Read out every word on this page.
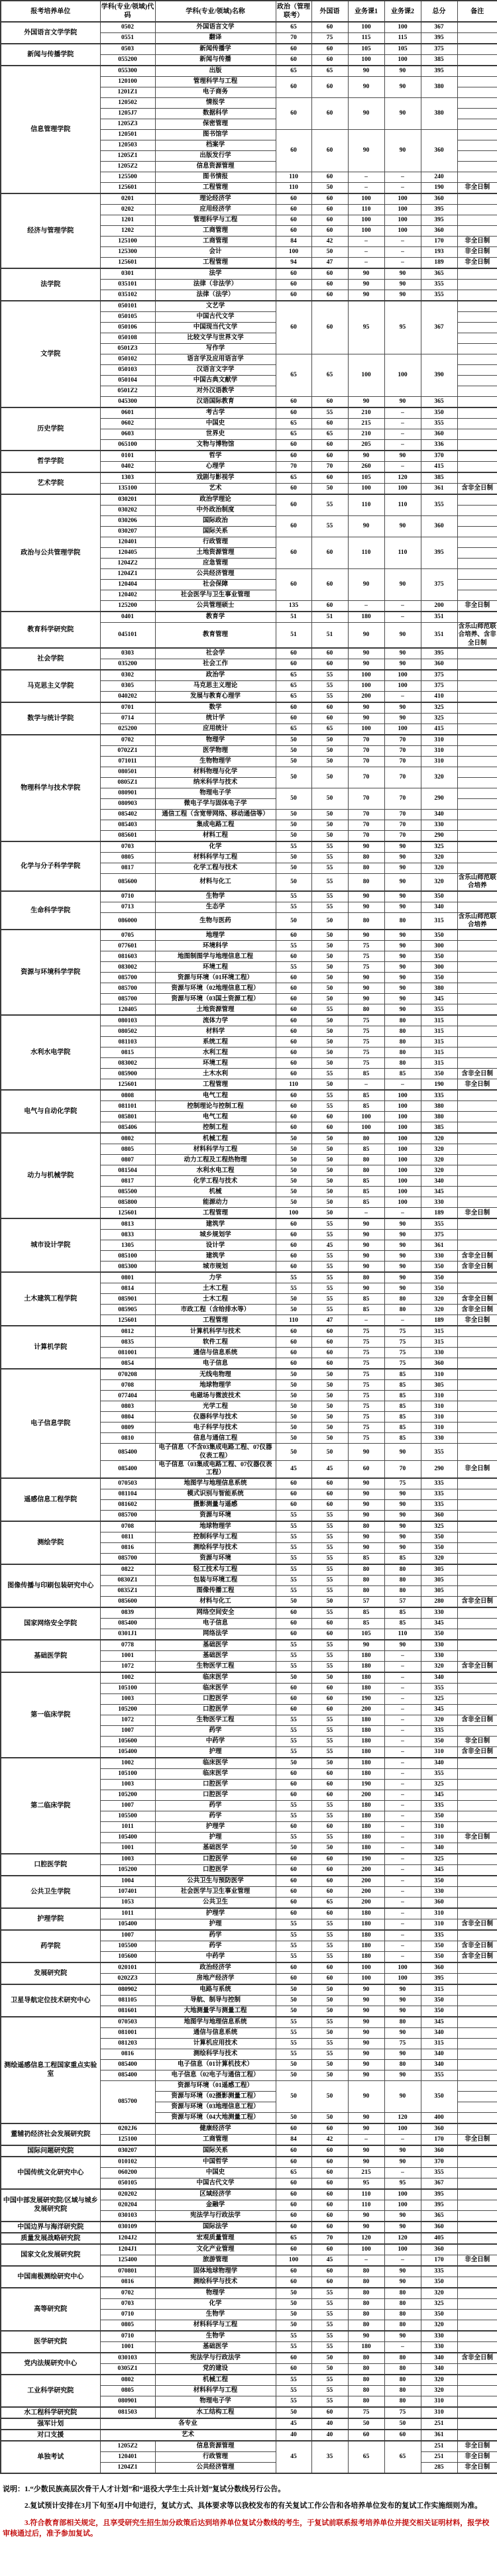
报考培养单位	学科(专业/领域)代码	学科(专业/领域)名称	政治（管理联考）	外国语	业务课1	业务课2	总分	备注
外国语言文学学院	0502	外国语言文学	65	60	100	100	367	
	0551	翻译	70	75	115	115	395	
新闻与传播学院	0503	新闻传播学	60	60	105	105	375	
	055200	新闻与传播	60	60	100	100	385	
信息管理学院	055300	出版	65	65	90	90	395	
	120100	管理科学与工程	60	60	90	90	380	
	1201Z1	电子商务						
	120502	情报学	60	60	90	90	380	
	1205J7	数据科学						
	1205Z3	保密管理						
	120501	图书馆学	60	60	90	90	360	
	120503	档案学						
	1205Z1	出版发行学						
	1205Z2	信息资源管理						
	125500	图书情报	110	60	–	–	240	
	125601	工程管理	110	50	–	–	190	非全日制
经济与管理学院	0201	理论经济学	60	60	100	100	360	
	0202	应用经济学	60	60	110	100	395	
	1201	管理科学与工程	60	60	100	100	395	
	1202	工商管理	60	60	100	100	360	
	125100	工商管理	84	42	–	–	170	非全日制
	125300	会计	100	50	–	–	193	非全日制
	125601	工程管理	94	47	–	–	189	非全日制
法学院	0301	法学	60	60	90	90	365	
	035101	法律（非法学）	60	60	90	90	355	
	035102	法律（法学）	60	60	90	90	355	
文学院	050101	文艺学	60	60	95	95	367	
	050105	中国古代文学						
	050106	中国现当代文学						
	050108	比较文学与世界文学						
	0501Z3	写作学						
	050102	语言学及应用语言学	65	65	100	100	390	
	050103	汉语言文字学						
	050104	中国古典文献学						
	0501Z2	对外汉语教学						
	045300	汉语国际教育	60	60	90	90	365	
历史学院	0601	考古学	60	55	210	–	350	
	0602	中国史	65	60	215	–	355	
	0603	世界史	65	65	210	–	360	
	065100	文物与博物馆	60	60	205	–	336	
哲学学院	0101	哲学	60	60	90	90	370	
	0402	心理学	70	70	260	–	415	
艺术学院	1303	戏剧与影视学	65	60	105	120	385	
	135100	艺术	60	50	100	100	361	含非全日制
政治与公共管理学院	030201	政治学理论	60	55	110	110	355	
	030202	中外政治制度						
	030206	国际政治	60	55	90	90	360	
	030207	国际关系						
	120401	行政管理	60	60	110	110	395	
	120405	土地资源管理						
	1204Z2	应急管理						
	1204Z1	公共经济管理	60	60	90	90	375	
	120404	社会保障						
	120402	社会医学与卫生事业管理						
	125200	公共管理硕士	135	60	–	–	200	非全日制
教育科学研究院	0401	教育学	51	51	180	–	351	
	045101	教育管理	51	51	90	90	351	含乐山师范联合培养、含非全日制
社会学院	0303	社会学	60	60	90	90	395	
	035200	社会工作	60	60	90	90	360	
马克思主义学院	0302	政治学	65	55	100	100	375	
	0305	马克思主义理论	65	55	100	100	375	
	040202	发展与教育心理学	65	55	200	–	410	
数学与统计学院	0701	数学	60	60	90	90	325	
	0714	统计学	60	60	90	90	325	
	025200	应用统计	65	65	100	100	415	
物理科学与技术学院	0702	物理学	50	50	70	70	310	
	0702Z1	医学物理	50	50	70	70	310	
	071011	生物物理学	50	50	70	70	310	
	080501	材料物理与化学	50	50	70	70	320	
	0805Z1	纳米科学与技术						
	080901	物理电子学	50	50	70	70	290	
	080903	微电子学与固体电子学						
	085402	通信工程（含宽带网络、移动通信等）	50	50	70	70	340	
	085403	集成电路工程	50	50	70	70	330	
	085601	材料工程	50	50	70	70	290	
化学与分子科学学院	0703	化学	55	55	90	90	325	
	0805	材料科学与工程	50	55	80	90	320	
	0817	化学工程与技术	50	55	80	90	320	
	085600	材料与化工	50	55	80	90	320	含乐山师范联合培养
生命科学学院	0710	生物学	55	55	90	90	350	
	0713	生态学	55	55	90	90	340	
	086000	生物与医药	50	50	80	80	315	含乐山师范联合培养
资源与环境科学学院	0705	地理学	60	50	90	90	350	
	077601	环境科学	55	50	75	90	300	
	081603	地图制图学与地理信息工程	60	50	75	90	350	
	083002	环境工程	55	50	75	90	300	
	085700	资源与环境（01环境工程）	60	50	90	90	350	
	085700	资源与环境（02地理信息工程）	60	50	90	90	380	
	085700	资源与环境（03国土资源工程）	60	50	90	90	345	
	120405	土地资源管理	60	55	80	90	355	
水利水电学院	080103	流体力学	60	50	75	80	315	
	080502	材料学	60	50	75	80	315	
	081103	系统工程	60	50	75	80	315	
	0815	水利工程	60	50	75	80	315	
	083002	环境工程	60	50	75	80	315	
	085900	土木水利	60	55	85	85	350	含非全日制
	125601	工程管理	110	50	–	–	190	非全日制
电气与自动化学院	0808	电气工程	60	55	85	100	335	
	081101	控制理论与控制工程	60	55	85	100	380	
	085801	电气工程	60	60	100	100	380	
	085406	控制工程	60	60	100	100	385	
动力与机械学院	0802	机械工程	50	50	80	100	320	
	0805	材料科学与工程	50	50	85	100	320	
	0807	动力工程及工程热物理	50	50	80	100	320	
	081504	水利水电工程	50	50	80	100	320	
	0817	化学工程与技术	50	50	85	100	340	
	085500	机械	50	50	85	100	345	
	085800	能源动力	50	50	85	100	330	
	125601	工程管理	100	50	–	–	189	非全日制
城市设计学院	0813	建筑学	60	55	90	90	355	
	0833	城乡规划学	60	55	90	90	375	
	1305	设计学	60	45	90	90	361	
	085100	建筑学	60	55	90	90	330	含非全日制
	085300	城市规划	60	55	90	90	350	含非全日制
土木建筑工程学院	0801	力学	55	55	80	90	350	
	0814	土木工程	55	55	90	90	350	
	085901	土木工程	50	55	85	80	320	含非全日制
	085905	市政工程（含给排水等）	50	55	85	80	320	含非全日制
	125601	工程管理	110	47	–	–	189	非全日制
计算机学院	0812	计算机科学与技术	60	60	75	75	315	
	0835	软件工程	60	60	75	75	315	
	081001	通信与信息系统	60	60	75	75	330	
	0854	电子信息	60	60	75	75	360	
电子信息学院	070208	无线电物理	50	50	75	85	310	
	0708	地球物理学	50	50	75	85	305	
	077404	电磁场与微波技术	50	50	75	85	310	
	0803	光学工程	50	50	75	85	310	
	0804	仪器科学与技术	50	50	75	85	310	
	0809	电子科学与技术	50	50	75	85	310	
	0810	信息与通信工程	50	50	75	85	330	
	085400	电子信息（不含03集成电路工程、07仪器仪表工程）	50	50	90	90	355	
	085400	电子信息（03集成电路工程、07仪器仪表工程）	45	45	60	70	290	非全日制
遥感信息工程学院	070503	地图学与地理信息系统	60	60	90	75	335	
	081104	模式识别与智能系统	60	60	90	90	335	
	081602	摄影测量与遥感	60	60	90	90	335	
	085700	资源与环境	55	55	90	90	360	
测绘学院	0708	地球物理学	55	55	80	90	325	
	0811	控制科学与工程	55	55	90	90	350	
	0816	测绘科学与技术	55	55	90	90	350	
	085700	资源与环境	55	55	85	85	320	
图像传播与印刷包装研究中心	0822	轻工技术与工程	55	55	80	80	305	
	0830Z1	包装与环境工程	55	55	80	80	305	
	0835Z1	图像传播工程	55	55	80	80	305	
	085600	材料与化工	50	50	57	57	280	含非全日制
国家网络安全学院	0839	网络空间安全	60	55	85	85	330	
	085400	电子信息	60	60	85	85	345	
	0301J1	网络法学	60	60	105	110	350	
基础医学院	0778	基础医学	55	55	90	90	330	
	1001	基础医学	55	55	180	–	330	
	1072	生物医学工程	55	55	180	–	320	含非全日制
第一临床学院	1002	临床医学	50	50	180	–	340	
	105100	临床医学	60	60	180	–	355	
	1003	口腔医学	60	60	190	–	325	
	105200	口腔医学	60	60	200	–	345	
	1072	生物医学工程	55	55	180	–	320	含非全日制
	1007	药学	55	55	180	–	335	
	105600	中药学	55	55	180	–	350	非全日制
	105400	护理	55	55	180	–	310	含非全日制
第二临床学院	1002	临床医学	50	50	180	–	340	
	105100	临床医学	60	60	180	–	355	
	1003	口腔医学	60	60	190	–	325	
	105200	口腔医学	60	60	200	–	345	
	1007	药学	55	55	180	–	335	
	105500	药学	55	55	180	–	350	
	1011	护理学	60	60	180	–	310	
	105400	护理	55	55	180	–	310	非全日制
	1001	基础医学	50	50	180	–	340	
口腔医学院	1003	口腔医学	60	60	190	–	325	
	105200	口腔医学	60	60	200	–	345	
公共卫生学院	1004	公共卫生与预防医学	60	60	200	–	350	
	107401	社会医学与卫生事业管理	60	60	200	–	330	
	1053	公共卫生	60	65	200	–	360	
护理学院	1011	护理学	60	60	180	–	310	
	105400	护理	55	55	180	–	310	含非全日制
药学院	1007	药学	55	55	180	–	335	
	105500	药学	55	55	180	–	350	含非全日制
	105600	中药学	55	55	180	–	350	含非全日制
发展研究院	020101	政治经济学	60	60	100	100	360	
	0202Z3	房地产经济学	60	60	100	100	395	
卫星导航定位技术研究中心	080902	电路与系统	50	50	90	90	315	
	081105	导航、制导与控制	50	50	90	90	350	
	081601	大地测量学与测量工程	50	50	90	90	350	
测绘遥感信息工程国家重点实验室	070503	地图学与地理信息系统	55	55	90	80	345	
	081001	通信与信息系统	55	50	90	90	340	
	081203	计算机应用技术	55	55	90	75	315	
	0816	测绘科学与技术	55	55	90	90	340	
	085400	电子信息（01计算机技术）	50	50	90	80	340	
	085400	电子信息（02电子与通信工程）	50	50	90	90	355	
	085700	资源与环境（01遥感工程）	50	50	90	90	350	
		资源与环境（02摄影测量工程）						
		资源与环境（03地理信息工程）						
		资源与环境（04大地测量工程）	50	50	90	120	400	
董辅礽经济社会发展研究院	0202J6	健康经济学	60	60	90	100	360	
	125100	工商管理	84	42	–	–	170	非全日制
国际问题研究院	030207	国际关系	60	60	90	90	360	
中国传统文化研究中心	010102	中国哲学	60	60	90	90	370	
	060200	中国史	65	60	215	–	355	
	050105	中国古代文学	60	60	95	95	367	
中国中部发展研究院/区域与城乡发展研究院	020202	区域经济学	60	60	110	100	395	
	020204	金融学	60	60	110	100	395	
	030103	宪法学与行政法学	60	60	90	90	365	
中国边界与海洋研究院	030109	国际法学	60	60	90	90	360	
质量发展战略研究院	1204J2	宏观质量管理	65	70	120	120	405	
国家文化发展研究院	1204J1	文化产业管理	60	60	100	100	360	
	125400	旅游管理	100	45	–	–	170	非全日制
中国南极测绘研究中心	070801	固体地球物理学	60	60	80	90	335	
	0816	测绘科学与技术	60	60	80	90	350	
高等研究院	0702	物理学	50	55	80	80	320	
	0703	化学	50	55	80	80	325	
	0710	生物学	50	55	80	80	350	
	0805	材料科学与工程	50	55	80	80	320	
医学研究院	0710	生物学	55	55	90	90	330	
	1001	基础医学	55	55	180	–	330	
党内法规研究中心	030103	宪法学与行政法学	60	50	80	80	340	含非全日制
	0305Z1	党的建设	60	50	80	80	340	
工业科学研究院	0802	机械工程	55	55	80	80	320	
	0805	材料科学与工程	55	55	80	80	320	
	080901	物理电子学	55	55	80	80	310	
水工程科学研究院	081503	水工结构工程	50	60	75	75	310	
强军计划	各专业		45	40	50	50	251	
对口支援	艺术		40	40	60	60	361	
单独考试	1205Z2	信息资源管理	45	35	65	65	251	非全日制
	120401	行政管理					251	非全日制
	1204Z1	公共经济管理					285	非全日制
说明：1.“少数民族高层次骨干人才计划”和“退役大学生士兵计划”复试分数线另行公告。
2.复试预计安排在3月下旬至4月中旬进行，复试方式、具体要求等以我校发布的有关复试工作公告和各培养单位发布的复试工作实施细则为准。
3.符合教育部相关规定，且享受研究生招生加分政策后达到培养单位复试分数线的考生，于复试前联系报考培养单位并提交相关证明材料，报学校审核通过后，准予参加复试。
